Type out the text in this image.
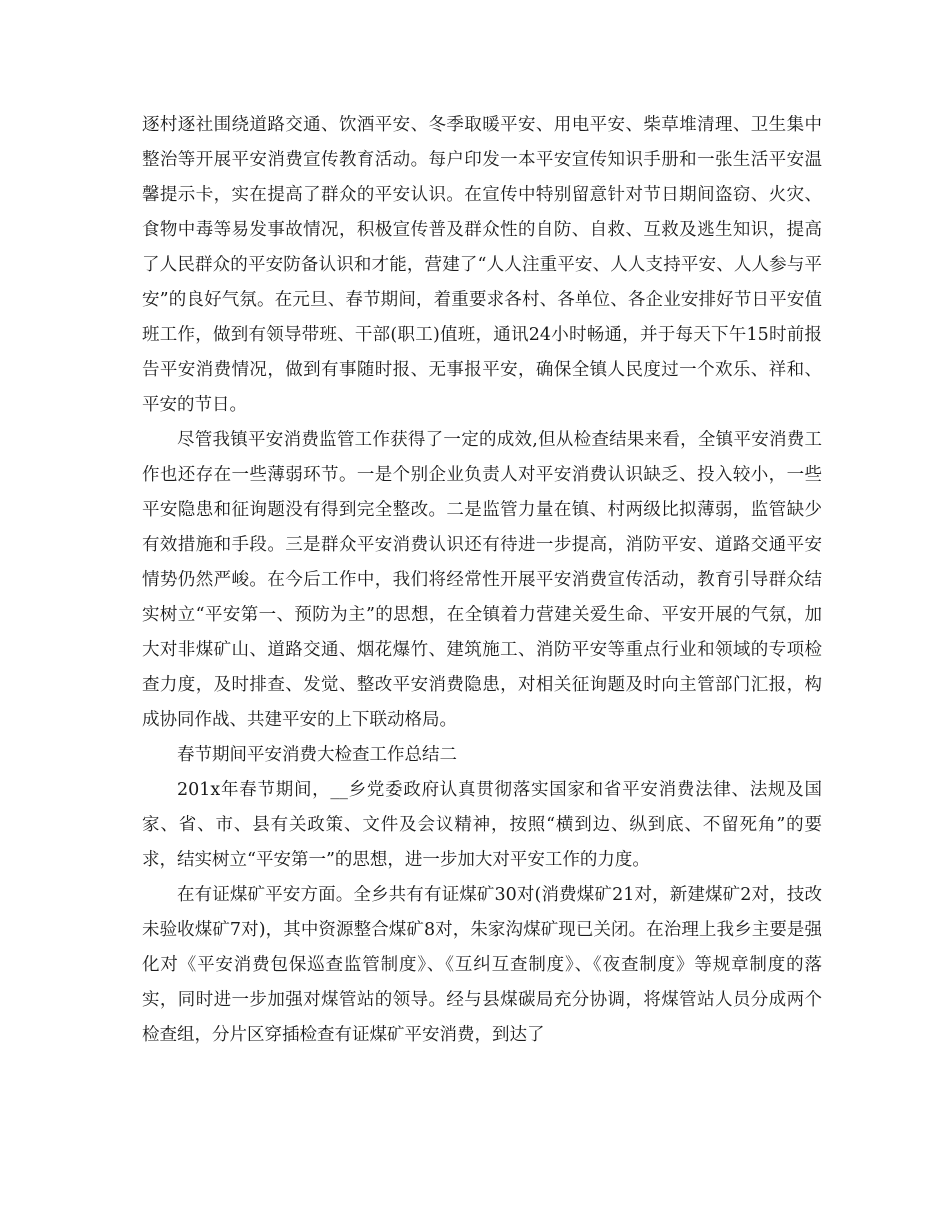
逐村逐社围绕道路交通、饮酒平安、冬季取暖平安、用电平安、柴草堆清理、卫生集中整治等开展平安消费宣传教育活动。每户印发一本平安宣传知识手册和一张生活平安温馨提示卡，实在提高了群众的平安认识。在宣传中特别留意针对节日期间盗窃、火灾、食物中毒等易发事故情况，积极宣传普及群众性的自防、自救、互救及逃生知识，提高了人民群众的平安防备认识和才能，营建了“人人注重平安、人人支持平安、人人参与平安”的良好气氛。在元旦、春节期间，着重要求各村、各单位、各企业安排好节日平安值班工作，做到有领导带班、干部(职工)值班，通讯24小时畅通，并于每天下午15时前报告平安消费情况，做到有事随时报、无事报平安，确保全镇人民度过一个欢乐、祥和、平安的节日。

尽管我镇平安消费监管工作获得了一定的成效,但从检查结果来看，全镇平安消费工作也还存在一些薄弱环节。一是个别企业负责人对平安消费认识缺乏、投入较小，一些平安隐患和征询题没有得到完全整改。二是监管力量在镇、村两级比拟薄弱，监管缺少有效措施和手段。三是群众平安消费认识还有待进一步提高，消防平安、道路交通平安情势仍然严峻。在今后工作中，我们将经常性开展平安消费宣传活动，教育引导群众结实树立“平安第一、预防为主”的思想，在全镇着力营建关爱生命、平安开展的气氛，加大对非煤矿山、道路交通、烟花爆竹、建筑施工、消防平安等重点行业和领域的专项检查力度，及时排查、发觉、整改平安消费隐患，对相关征询题及时向主管部门汇报，构成协同作战、共建平安的上下联动格局。

春节期间平安消费大检查工作总结二

201x年春节期间，__乡党委政府认真贯彻落实国家和省平安消费法律、法规及国家、省、市、县有关政策、文件及会议精神，按照“横到边、纵到底、不留死角”的要求，结实树立“平安第一”的思想，进一步加大对平安工作的力度。

在有证煤矿平安方面。全乡共有有证煤矿30对(消费煤矿21对，新建煤矿2对，技改未验收煤矿7对)，其中资源整合煤矿8对，朱家沟煤矿现已关闭。在治理上我乡主要是强化对《平安消费包保巡查监管制度》、《互纠互查制度》、《夜查制度》等规章制度的落实，同时进一步加强对煤管站的领导。经与县煤碳局充分协调，将煤管站人员分成两个检查组，分片区穿插检查有证煤矿平安消费，到达了
